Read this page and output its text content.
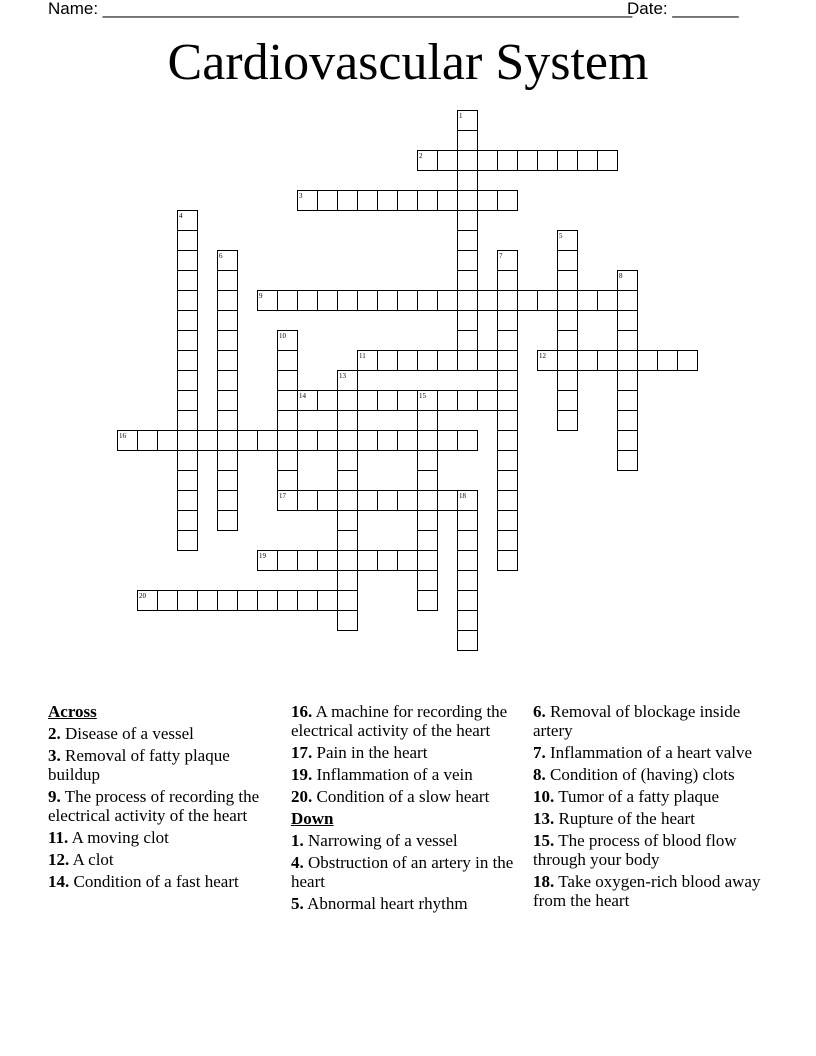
Name: ________________________________________________________
Date: _______
Cardiovascular System
1
2
3
4
5
6	7
8
9
10
11	12
13
14	15
16
17	18
19
20
Across
2. Disease of a vessel
3. Removal of fatty plaque buildup
9. The process of recording the electrical activity of the heart
11. A moving clot
12. A clot
14. Condition of a fast heart
16. A machine for recording the electrical activity of the heart
17. Pain in the heart
19. Inflammation of a vein
20. Condition of a slow heart
Down
1. Narrowing of a vessel
4. Obstruction of an artery in the heart
5. Abnormal heart rhythm
6. Removal of blockage inside artery
7. Inflammation of a heart valve
8. Condition of (having) clots
10. Tumor of a fatty plaque
13. Rupture of the heart
15. The process of blood flow through your body
18. Take oxygen-rich blood away from the heart
